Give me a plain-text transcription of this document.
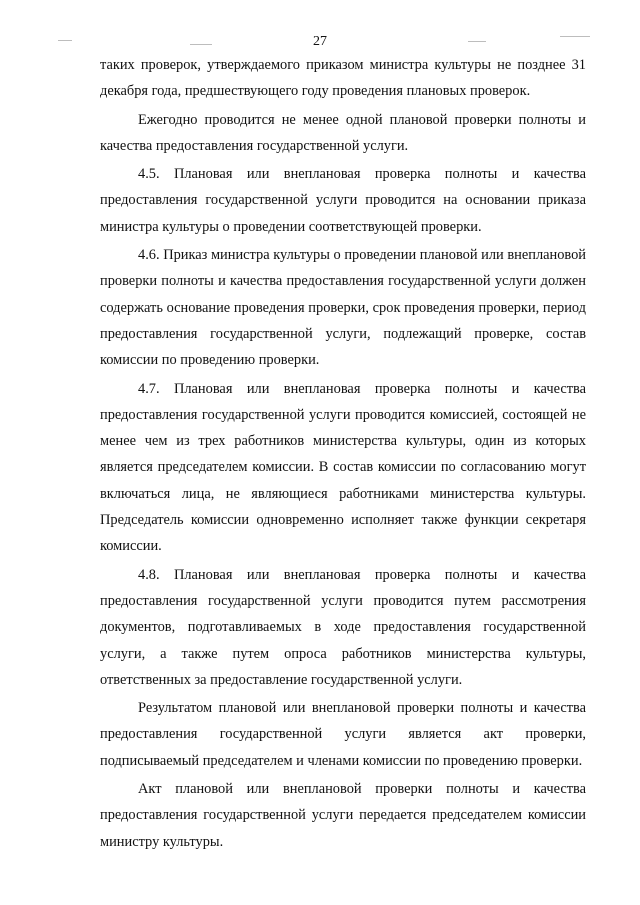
27

таких проверок, утверждаемого приказом министра культуры не позднее 31 декабря года, предшествующего году проведения плановых проверок.

Ежегодно проводится не менее одной плановой проверки полноты и качества предоставления государственной услуги.

4.5. Плановая или внеплановая проверка полноты и качества предоставления государственной услуги проводится на основании приказа министра культуры о проведении соответствующей проверки.

4.6. Приказ министра культуры о проведении плановой или внеплановой проверки полноты и качества предоставления государственной услуги должен содержать основание проведения проверки, срок проведения проверки, период предоставления государственной услуги, подлежащий проверке, состав комиссии по проведению проверки.

4.7. Плановая или внеплановая проверка полноты и качества предоставления государственной услуги проводится комиссией, состоящей не менее чем из трех работников министерства культуры, один из которых является председателем комиссии. В состав комиссии по согласованию могут включаться лица, не являющиеся работниками министерства культуры. Председатель комиссии одновременно исполняет также функции секретаря комиссии.

4.8. Плановая или внеплановая проверка полноты и качества предоставления государственной услуги проводится путем рассмотрения документов, подготавливаемых в ходе предоставления государственной услуги, а также путем опроса работников министерства культуры, ответственных за предоставление государственной услуги.

Результатом плановой или внеплановой проверки полноты и качества предоставления государственной услуги является акт проверки, подписываемый председателем и членами комиссии по проведению проверки.

Акт плановой или внеплановой проверки полноты и качества предоставления государственной услуги передается председателем комиссии министру культуры.
